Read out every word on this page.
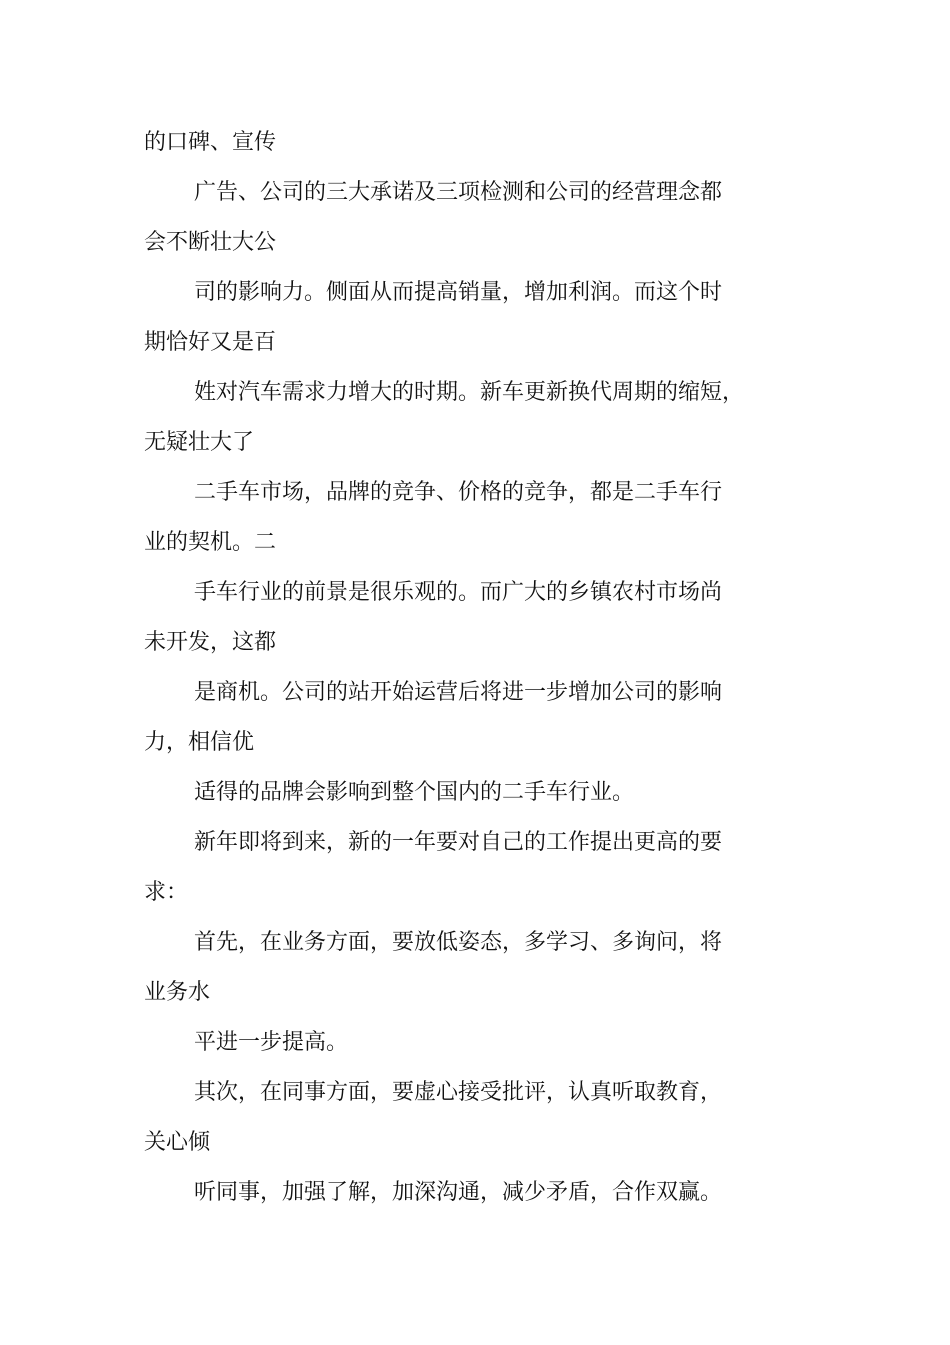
的口碑、宣传
广告、公司的三大承诺及三项检测和公司的经营理念都
会不断壮大公
司的影响力。侧面从而提高销量，增加利润。而这个时
期恰好又是百
姓对汽车需求力增大的时期。新车更新换代周期的缩短，
无疑壮大了
二手车市场，品牌的竞争、价格的竞争，都是二手车行
业的契机。二
手车行业的前景是很乐观的。而广大的乡镇农村市场尚
未开发，这都
是商机。公司的站开始运营后将进一步增加公司的影响
力，相信优
适得的品牌会影响到整个国内的二手车行业。
新年即将到来，新的一年要对自己的工作提出更高的要
求：
首先，在业务方面，要放低姿态，多学习、多询问，将
业务水
平进一步提高。
其次，在同事方面，要虚心接受批评，认真听取教育，
关心倾
听同事，加强了解，加深沟通，减少矛盾，合作双赢。
